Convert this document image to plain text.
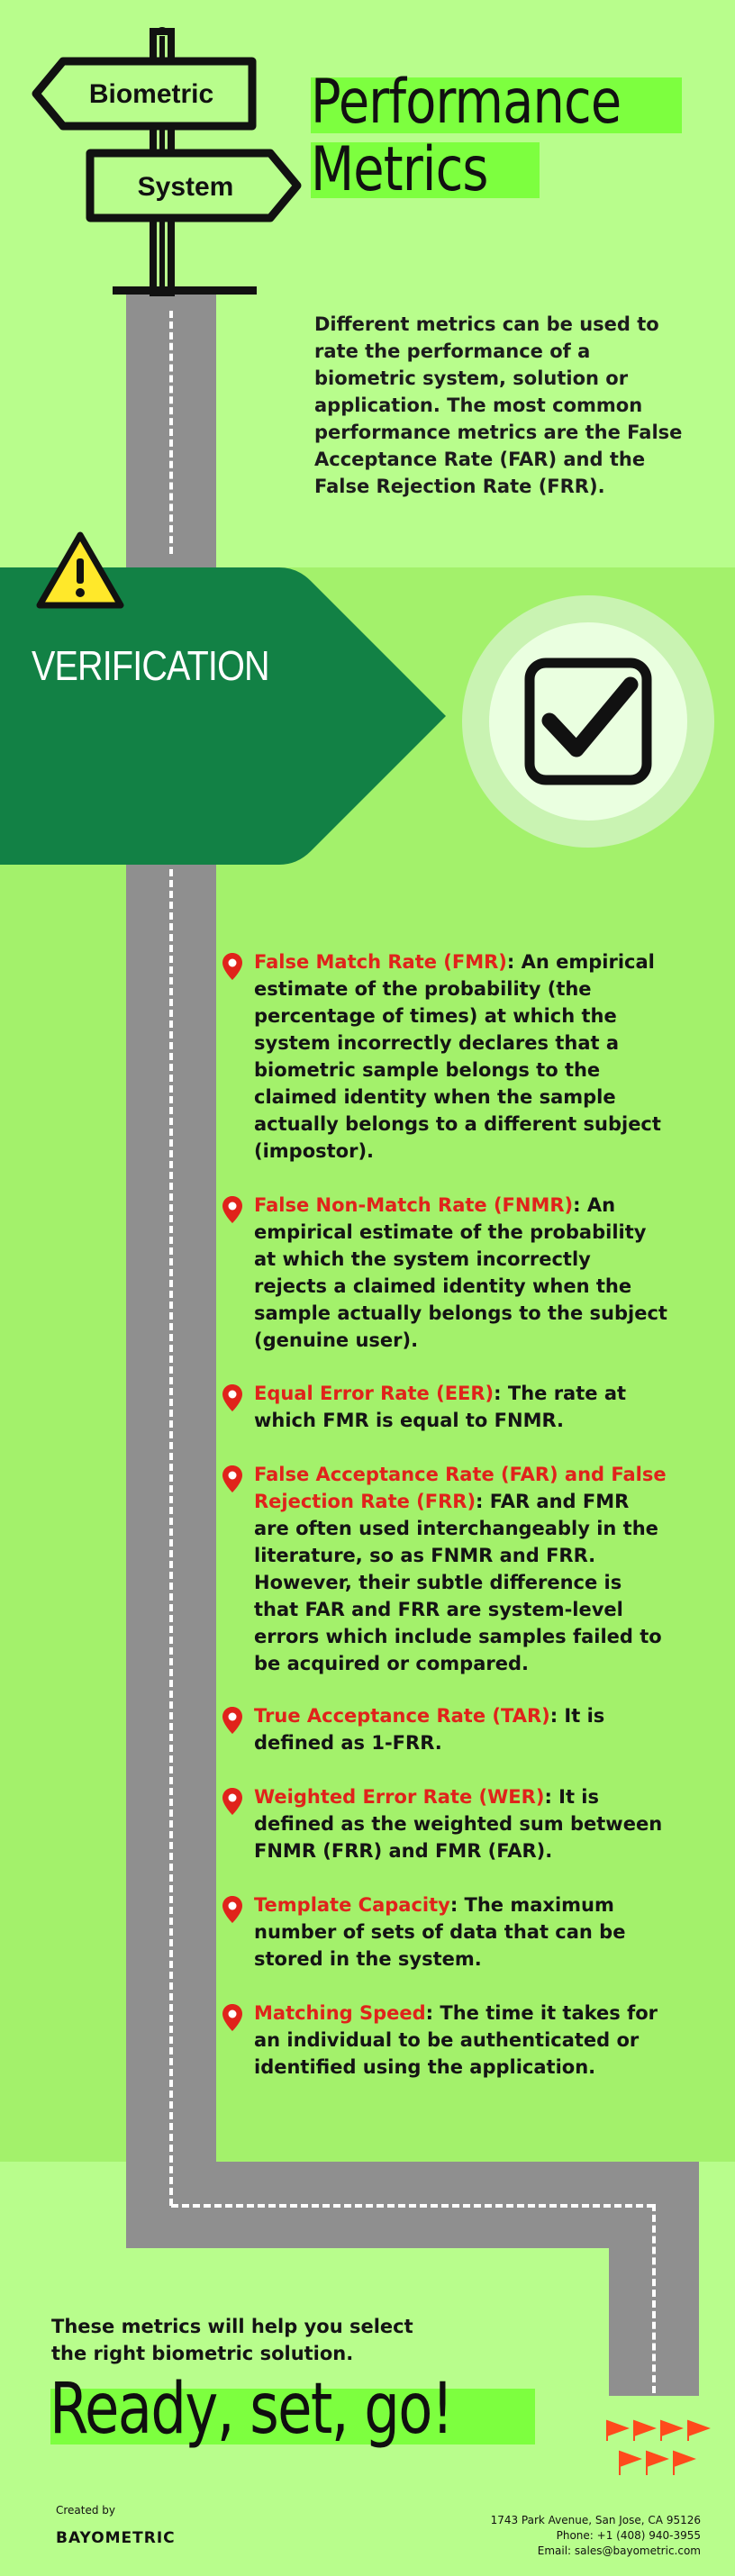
Biometric
System
Performance
Metrics
Different metrics can be used to rate the performance of a biometric system, solution or application. The most common performance metrics are the False Acceptance Rate (FAR) and the False Rejection Rate (FRR).
VERIFICATION

False Match Rate (FMR): An empirical estimate of the probability (the percentage of times) at which the system incorrectly declares that a biometric sample belongs to the claimed identity when the sample actually belongs to a different subject (impostor).

False Non-Match Rate (FNMR): An empirical estimate of the probability at which the system incorrectly rejects a claimed identity when the sample actually belongs to the subject (genuine user).

Equal Error Rate (EER): The rate at which FMR is equal to FNMR.

False Acceptance Rate (FAR) and False Rejection Rate (FRR): FAR and FMR are often used interchangeably in the literature, so as FNMR and FRR. However, their subtle difference is that FAR and FRR are system-level errors which include samples failed to be acquired or compared.

True Acceptance Rate (TAR): It is defined as 1-FRR.

Weighted Error Rate (WER): It is defined as the weighted sum between FNMR (FRR) and FMR (FAR).

Template Capacity: The maximum number of sets of data that can be stored in the system.

Matching Speed: The time it takes for an individual to be authenticated or identified using the application.

These metrics will help you select the right biometric solution.
Ready, set, go!
Created by
BAYOMETRIC
1743 Park Avenue, San Jose, CA 95126
Phone: +1 (408) 940-3955
Email: sales@bayometric.com
